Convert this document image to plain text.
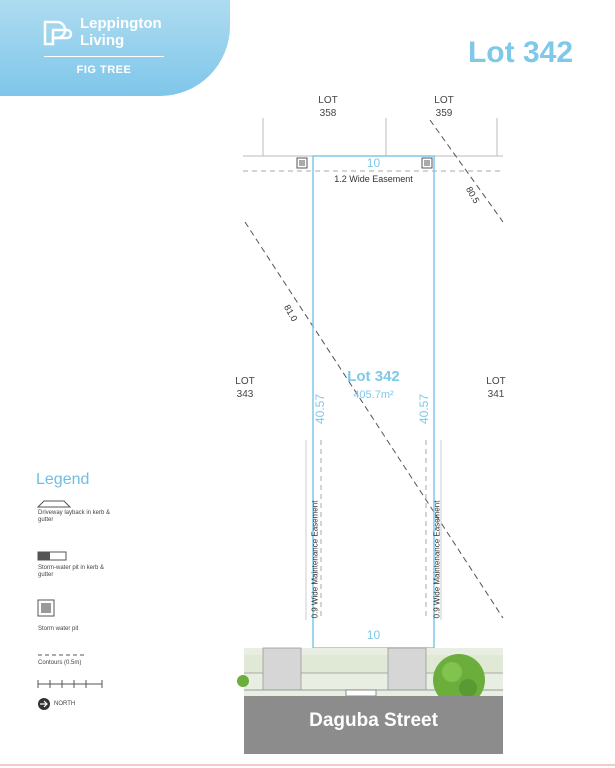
Leppington Living
FIG TREE
Lot 342
LOT
358
LOT
359
LOT
343
LOT
341
Lot 342
405.7m²
10
10
40.57	40.57
1.2 Wide Easement
0.9 Wide Maintenance Easement	0.9 Wide Maintenance Easement
80.5
81.0
Daguba Street
Legend
Driveway layback in kerb & gutter
Storm-water pit in kerb & gutter
Storm water pit
Contours (0.5m)
NORTH
